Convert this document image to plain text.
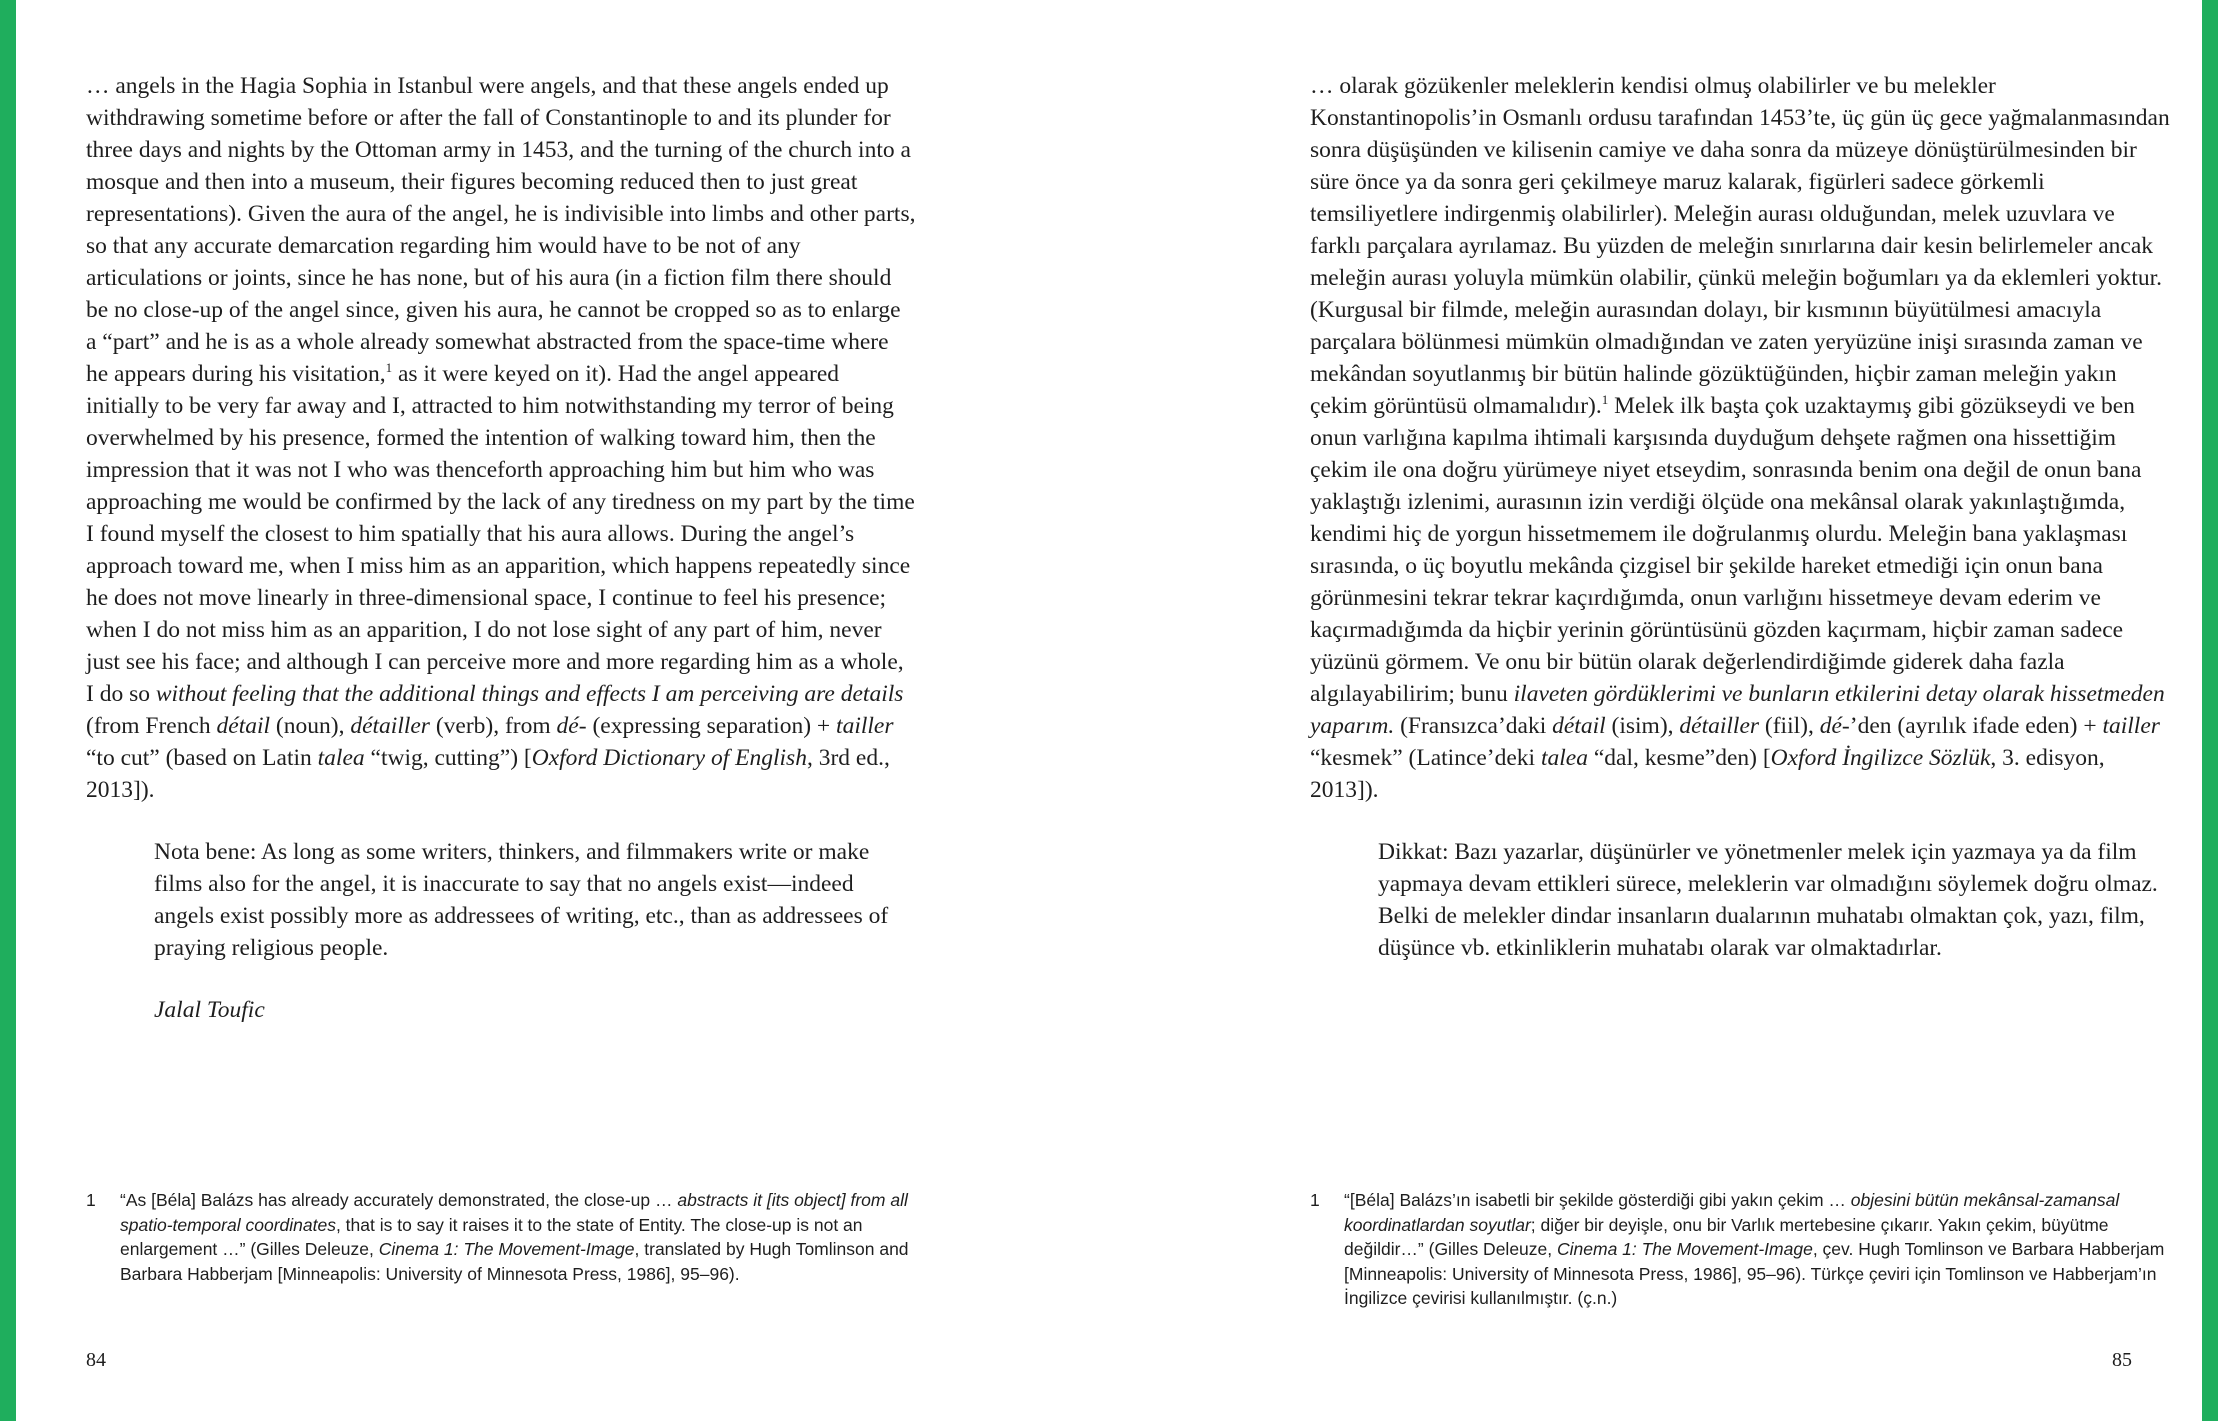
… angels in the Hagia Sophia in Istanbul were angels, and that these angels ended up withdrawing sometime before or after the fall of Constantinople to and its plunder for three days and nights by the Ottoman army in 1453, and the turning of the church into a mosque and then into a museum, their figures becoming reduced then to just great representations). Given the aura of the angel, he is indivisible into limbs and other parts, so that any accurate demarcation regarding him would have to be not of any articulations or joints, since he has none, but of his aura (in a fiction film there should be no close-up of the angel since, given his aura, he cannot be cropped so as to enlarge a “part” and he is as a whole already somewhat abstracted from the space-time where he appears during his visitation,$^1$ as it were keyed on it). Had the angel appeared initially to be very far away and I, attracted to him notwithstanding my terror of being overwhelmed by his presence, formed the intention of walking toward him, then the impression that it was not I who was thenceforth approaching him but him who was approaching me would be confirmed by the lack of any tiredness on my part by the time I found myself the closest to him spatially that his aura allows. During the angel’s approach toward me, when I miss him as an apparition, which happens repeatedly since he does not move linearly in three-dimensional space, I continue to feel his presence; when I do not miss him as an apparition, I do not lose sight of any part of him, never just see his face; and although I can perceive more and more regarding him as a whole, I do so without feeling that the additional things and effects I am perceiving are details (from French détail (noun), détailler (verb), from dé- (expressing separation) + tailler “to cut” (based on Latin talea “twig, cutting”) [Oxford Dictionary of English, 3rd ed., 2013]).

Nota bene: As long as some writers, thinkers, and filmmakers write or make films also for the angel, it is inaccurate to say that no angels exist—indeed angels exist possibly more as addressees of writing, etc., than as addressees of praying religious people.

Jalal Toufic

1 “As [Béla] Balázs has already accurately demonstrated, the close-up … abstracts it [its object] from all spatio-temporal coordinates, that is to say it raises it to the state of Entity. The close-up is not an enlargement …” (Gilles Deleuze, Cinema 1: The Movement-Image, translated by Hugh Tomlinson and Barbara Habberjam [Minneapolis: University of Minnesota Press, 1986], 95–96).
84

… olarak gözükenler meleklerin kendisi olmuş olabilirler ve bu melekler Konstantinopolis’in Osmanlı ordusu tarafından 1453’te, üç gün üç gece yağmalanmasından sonra düşüşünden ve kilisenin camiye ve daha sonra da müzeye dönüştürülmesinden bir süre önce ya da sonra geri çekilmeye maruz kalarak, figürleri sadece görkemli temsiliyetlere indirgenmiş olabilirler). Meleğin aurası olduğundan, melek uzuvlara ve farklı parçalara ayrılamaz. Bu yüzden de meleğin sınırlarına dair kesin belirlemeler ancak meleğin aurası yoluyla mümkün olabilir, çünkü meleğin boğumları ya da eklemleri yoktur. (Kurgusal bir filmde, meleğin aurasından dolayı, bir kısmının büyütülmesi amacıyla parçalara bölünmesi mümkün olmadığından ve zaten yeryüzüne inişi sırasında zaman ve mekândan soyutlanmış bir bütün halinde gözüktüğünden, hiçbir zaman meleğin yakın çekim görüntüsü olmamalıdır).$^1$ Melek ilk başta çok uzaktaymış gibi gözükseydi ve ben onun varlığına kapılma ihtimali karşısında duyduğum dehşete rağmen ona hissettiğim çekim ile ona doğru yürümeye niyet etseydim, sonrasında benim ona değil de onun bana yaklaştığı izlenimi, aurasının izin verdiği ölçüde ona mekânsal olarak yakınlaştığımda, kendimi hiç de yorgun hissetmemem ile doğrulanmış olurdu. Meleğin bana yaklaşması sırasında, o üç boyutlu mekânda çizgisel bir şekilde hareket etmediği için onun bana görünmesini tekrar tekrar kaçırdığımda, onun varlığını hissetmeye devam ederim ve kaçırmadığımda da hiçbir yerinin görüntüsünü gözden kaçırmam, hiçbir zaman sadece yüzünü görmem. Ve onu bir bütün olarak değerlendirdiğimde giderek daha fazla algılayabilirim; bunu ilaveten gördüklerimi ve bunların etkilerini detay olarak hissetmeden yaparım. (Fransızca’daki détail (isim), détailler (fiil), dé-’den (ayrılık ifade eden) + tailler “kesmek” (Latince’deki talea “dal, kesme”den) [Oxford İngilizce Sözlük, 3. edisyon, 2013]).

Dikkat: Bazı yazarlar, düşünürler ve yönetmenler melek için yazmaya ya da film yapmaya devam ettikleri sürece, meleklerin var olmadığını söylemek doğru olmaz. Belki de melekler dindar insanların dualarının muhatabı olmaktan çok, yazı, film, düşünce vb. etkinliklerin muhatabı olarak var olmaktadırlar.

1 “[Béla] Balázs’ın isabetli bir şekilde gösterdiği gibi yakın çekim … objesini bütün mekânsal-zamansal koordinatlardan soyutlar; diğer bir deyişle, onu bir Varlık mertebesine çıkarır. Yakın çekim, büyütme değildir…” (Gilles Deleuze, Cinema 1: The Movement-Image, çev. Hugh Tomlinson ve Barbara Habberjam [Minneapolis: University of Minnesota Press, 1986], 95–96). Türkçe çeviri için Tomlinson ve Habberjam’ın İngilizce çevirisi kullanılmıştır. (ç.n.)
85
